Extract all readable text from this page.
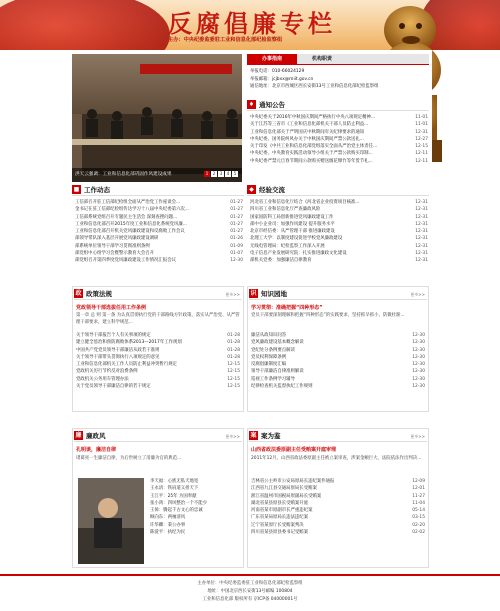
反腐倡廉专栏
主办：中央纪委监委驻工业和信息化部纪检监察组
洪天云强调：工业和信息化部巩固作风建设成果	1	2	3	4	5
办事指南	机构职责
举报电话：010-66024129
举报邮箱：jcjbxx@miit.gov.cn
通信地址：北京市西城区西长安街13号工业和信息化部纪检监察组
♦ 通知公告
中央纪委关于2016年中秋国庆期间严格执行中央八项规定精神...	11-01
关于江苏等三省市《工业和信息化部机关干部人员防止利益...	11-01
工业和信息化部关于严明国庆中秋期间有关纪律要求的通知	12-31
中央纪委、国务院纠风办关于中秋国庆期间严禁公款送礼...	12-27
关于印发《中共工业和信息化部党组落实全面从严治党主体责任...	12-15
中央纪委、中央教育实践活动领导小组关于严禁公款购买印制...	12-11
中央纪委严禁元旦春节期间公款购买赠送烟花爆竹等年货节礼...	12-11
■ 工作动态
工信部召开驻工信部纪检组全面从严治党工作座谈会...	01-27
金书记在驻工信部纪检组传达学习十八届中央纪委第六次...	01-27
工信部系统党组召开专题民主生活会 深刻查摆问题...	01-27
工业和信息化部召开2015年度工业和信息化系统党风廉...	01-27
工业和信息化部召开机关党风廉政建设和反腐败工作会议	01-27
部领导带队深入基层开展党风廉政建设调研	01-26
部系统单位领导干部学习贯彻准则条例	01-09
部党组中心组学习会暨警示教育大会召开	01-07
部党组召开第四季度党风廉政建设工作情况汇报会议	12-30
◆ 经验交流
河北省工业和信息化厅结合《河北省企业投资项目核准...	12-31
四川省工业和信息化厅严查廉政风险	12-31
国家国防科工局创新推进党风廉政建设工作	12-31
部中小企业司：加强作风建设 提升服务水平	12-31
北京市经信委：从严管理干部 推进廉政建设	12-31
北理工大学：以制度建设促进学校党风廉政建设	12-31
无线电管理局：纪检监察工作深入开展	12-31
电子信息产业发展研究院：扎实推进廉政文化建设	12-31
部机关党委：加强廉洁自律教育	12-31
政 政策法规	更多>>
党政领导干部选拔任用工作条例
第一章 总 则 第一条 为认真贯彻执行党的干部路线方针政策，落实从严治党、从严管理干部要求，建立科学规范...
关于领导干部报告个人有关事项的规定	01-28
建立健全惩治和预防腐败体系2013—2017年工作规划	01-28
中国共产党党员领导干部廉洁从政若干准则	01-28
关于领导干部带头贯彻执行八项规定的意见	01-28
工业和信息化部机关工作人员防止利益冲突暂行规定	12-15
党政机关厉行节约反对浪费条例	12-15
党政机关公务用车管理办法	12-15
关于党员领导干部廉洁自律的若干规定	12-15
识 知识园地	更多>>
学习贯彻：准确把握“四种形态”
党员干部要深刻理解和把握“四种形态”的实践要求，坚持抓早抓小，防微杜渐...
廉洁从政知识问答	12-30
党风廉政建设基本概念解读	12-30
党纪处分条例要点解读	12-30
党员权利保障条例	12-30
反腐倡廉制度汇编	12-30
领导干部廉洁自律准则解读	12-30
巡视工作条例学习辅导	12-30
纪律检查机关监督执纪工作规则	12-30
廉 廉政风	更多>>
孔明谈，廉洁自律
诸葛亮一生廉洁自律，为后世树立了清廉为官的典范...
李天福：心底无私天地宽
王永清：铁肩道义担天下
王江平：25年 为国奉献
张小鸿：四风整治一个不能少
王倬：腾起千古文心的忠诚
顾向东：两袖清风
许华卿：秉公办事
陈爱平：执纪为民
案 案为鉴	更多>>
山西省政法委原副主任受贿案开庭审理
2011年12月，山西省政法委原副主任被立案审查，涉案金额巨大，法院依法作出判决...
吉林省公主岭市公安局原局长违纪案件通报	12-09
江西省九江县交通局原局长受贿案	12-01
浙江省温州市国税局原副局长受贿案	11-27
湖北省某县原县长受贿案开庭	11-04
河南省某市原副市长严重违纪案	05-14
广东省某局原局长违法违纪案	03-15
辽宁省某原厅长受贿案判决	02-20
四川省某县原县委书记受贿案	02-02
主办单位：中央纪委监委驻工业和信息化部纪检监察组
地址：中国北京西长安街13号邮编 100804
工业和信息化部 版权所有 京ICP备 04000001号
